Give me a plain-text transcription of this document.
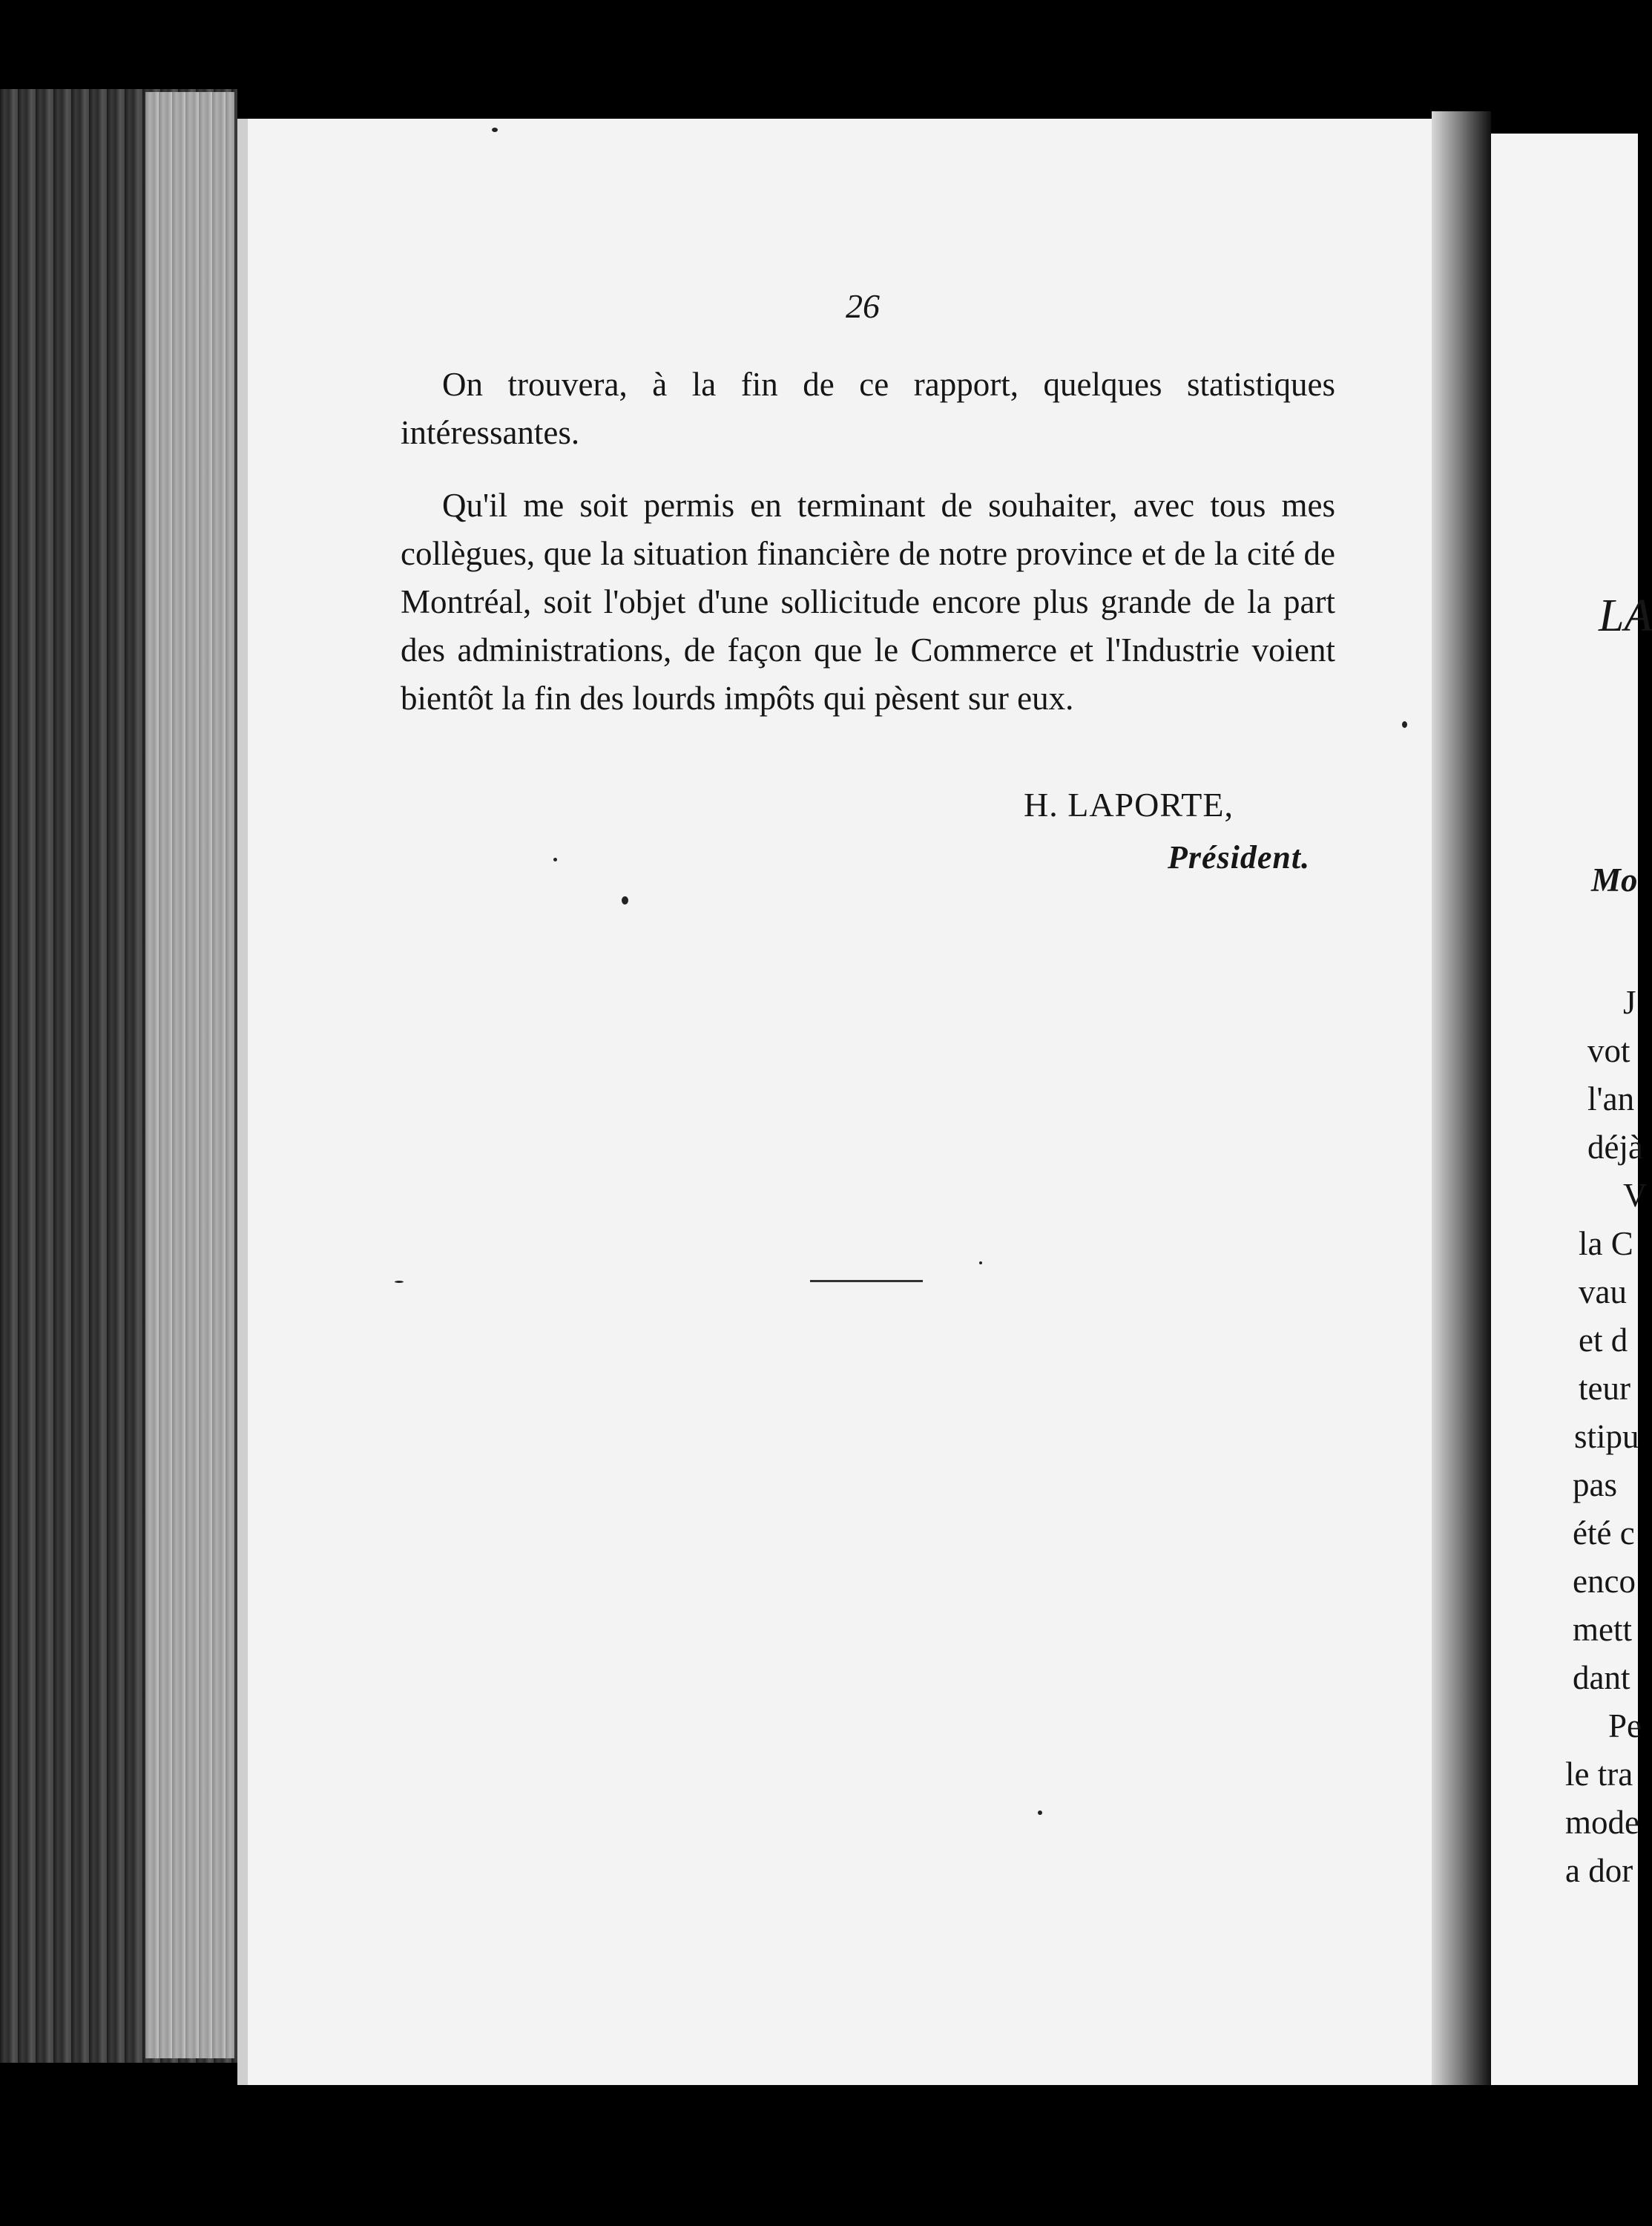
26

On trouvera, à la fin de ce rapport, quelques statistiques intéressantes.

Qu'il me soit permis en terminant de souhaiter, avec tous mes collègues, que la situation financière de notre province et de la cité de Montréal, soit l'objet d'une sollicitude encore plus grande de la part des administrations, de façon que le Commerce et l'Industrie voient bientôt la fin des lourds impôts qui pèsent sur eux.

H. LAPORTE,

Président.

LA

Mo

J

vot

l'an

déjà

V

la C

vau

et d

teur

stipu

pas

été c

enco

mett

dant

Pe

le tra

mode

a dor
